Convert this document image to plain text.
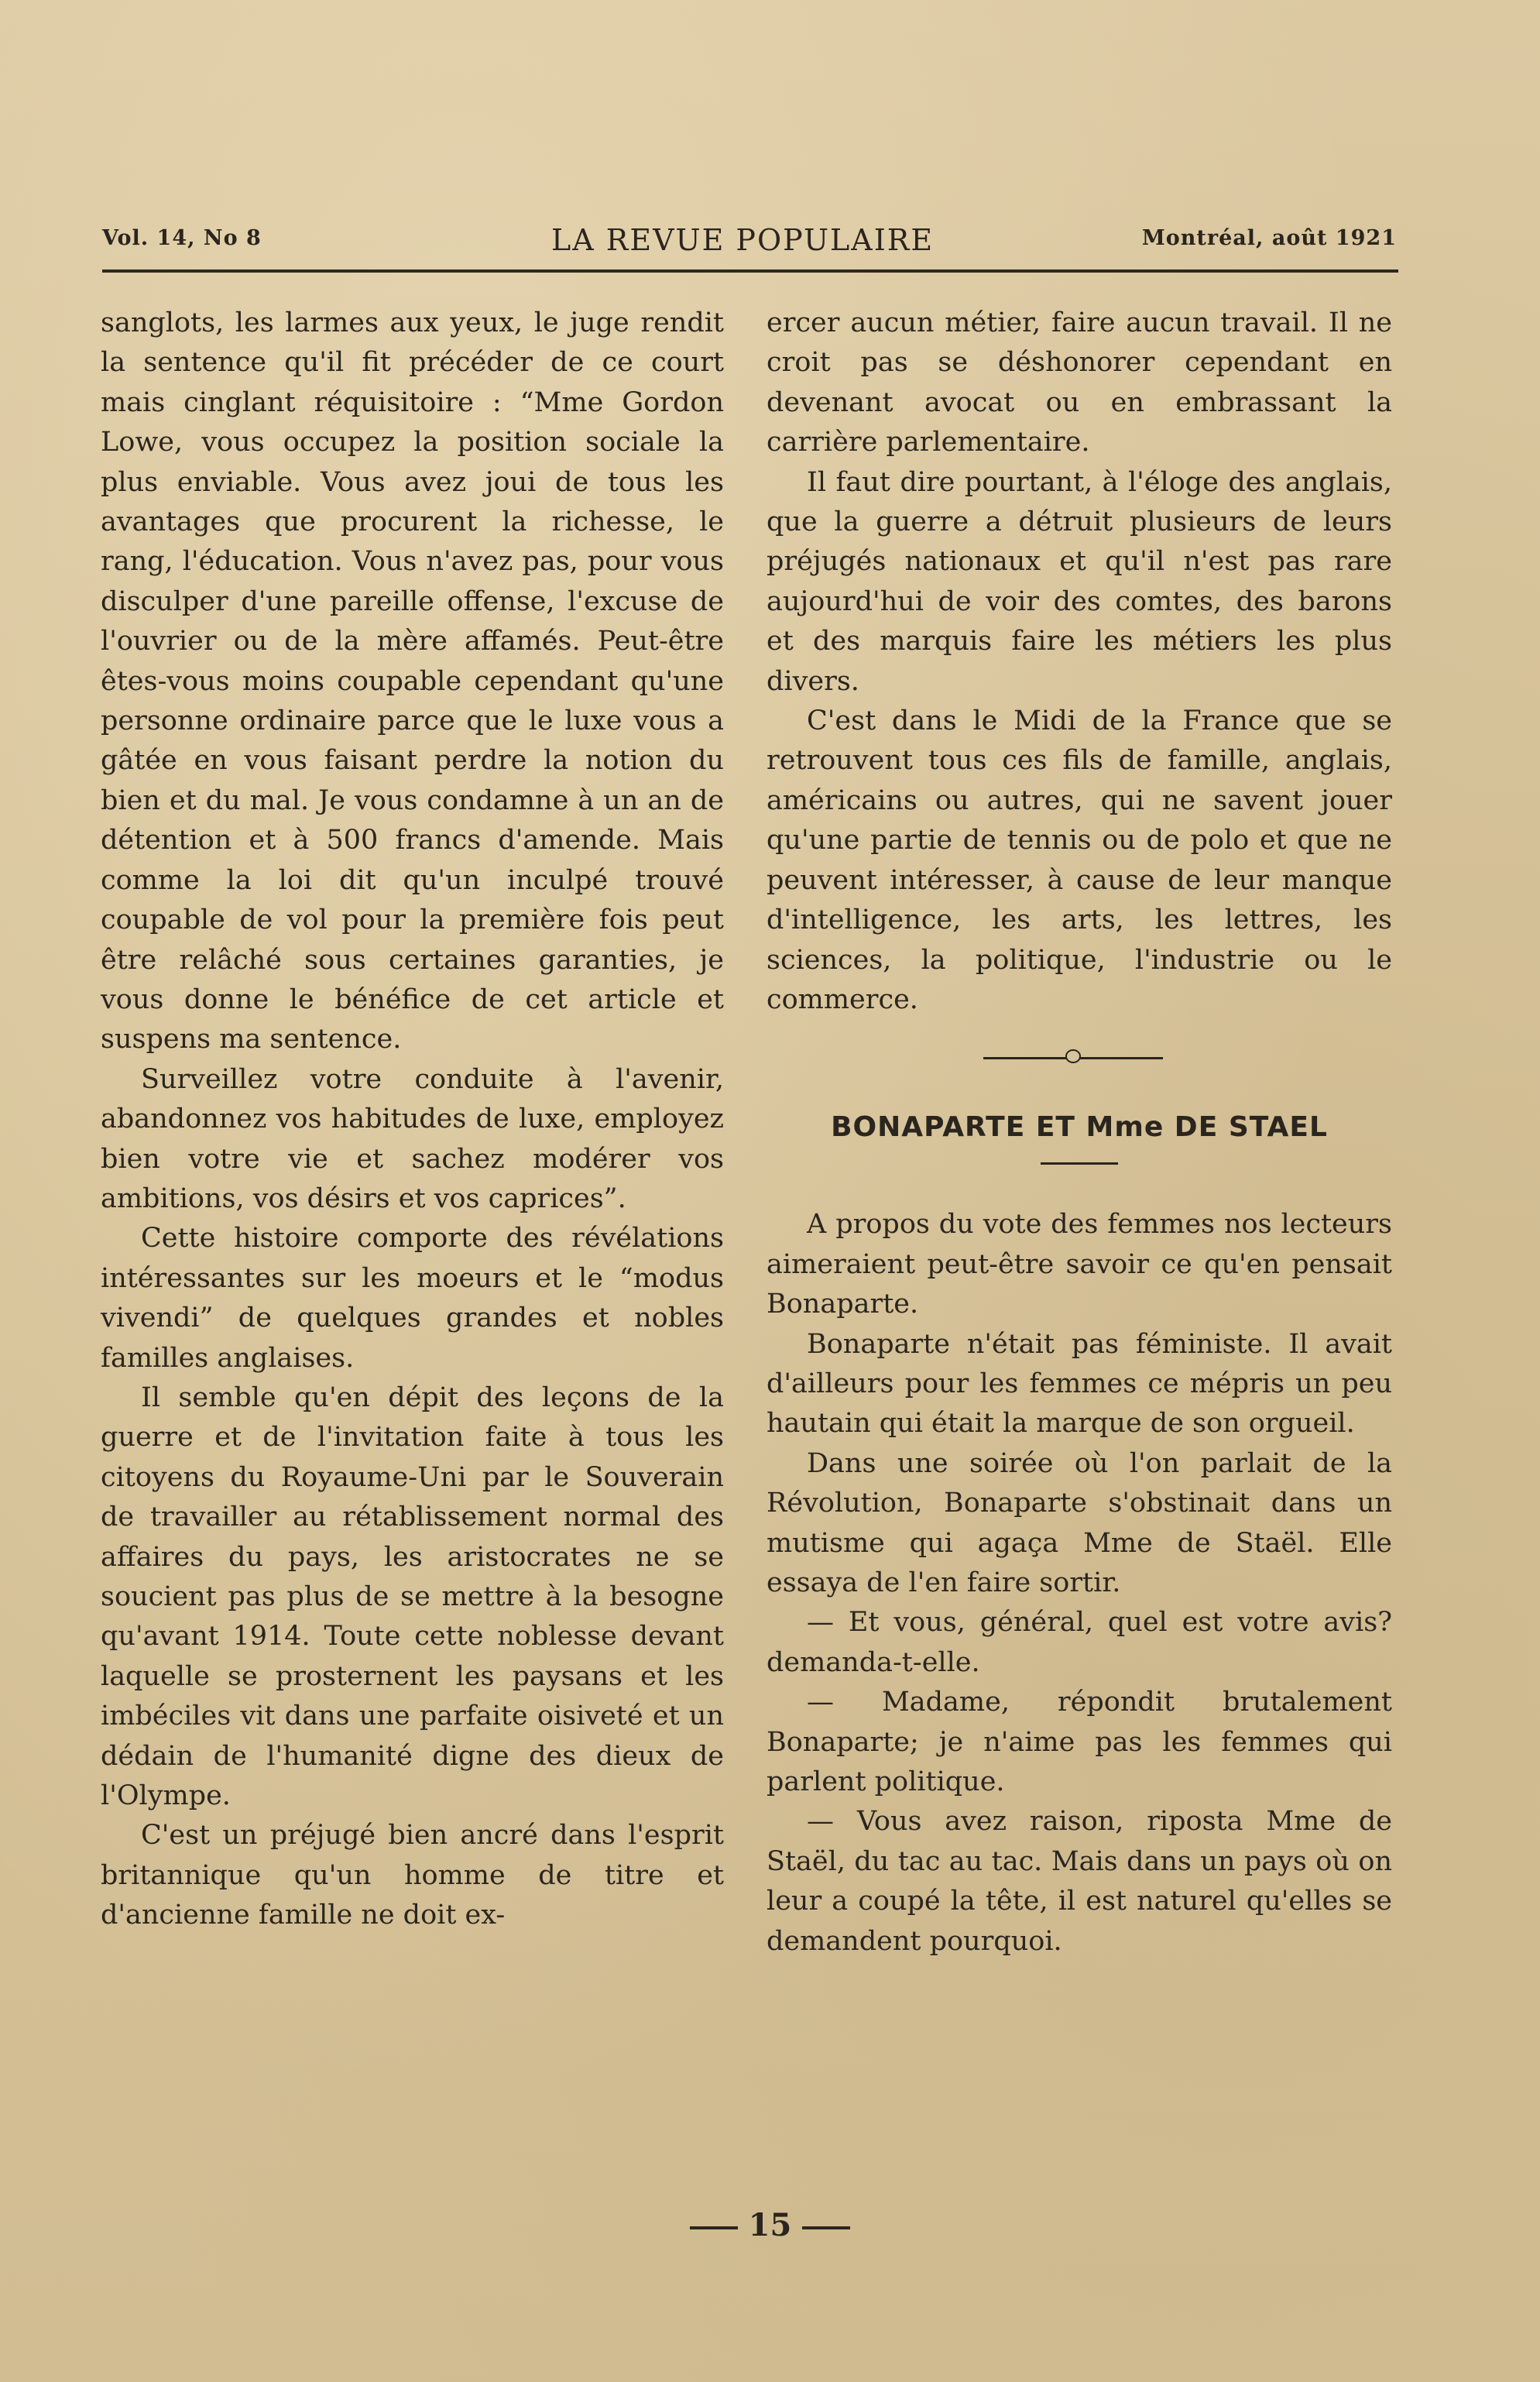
Vol. 14, No 8	LA REVUE POPULAIRE	Montréal, août 1921

sanglots, les larmes aux yeux, le juge rendit la sentence qu'il fit précéder de ce court mais cinglant réquisitoire : “Mme Gordon Lowe, vous occupez la position sociale la plus enviable. Vous avez joui de tous les avantages que procurent la richesse, le rang, l'éducation. Vous n'avez pas, pour vous disculper d'une pareille offense, l'excuse de l'ouvrier ou de la mère affamés. Peut-être êtes-vous moins coupable cependant qu'une personne ordinaire parce que le luxe vous a gâtée en vous faisant perdre la notion du bien et du mal. Je vous condamne à un an de détention et à 500 francs d'amende. Mais comme la loi dit qu'un inculpé trouvé coupable de vol pour la première fois peut être relâché sous certaines garanties, je vous donne le bénéfice de cet article et suspens ma sentence.

Surveillez votre conduite à l'avenir, abandonnez vos habitudes de luxe, employez bien votre vie et sachez modérer vos ambitions, vos désirs et vos caprices”.

Cette histoire comporte des révélations intéressantes sur les moeurs et le “modus vivendi” de quelques grandes et nobles familles anglaises.

Il semble qu'en dépit des leçons de la guerre et de l'invitation faite à tous les citoyens du Royaume-Uni par le Souverain de travailler au rétablissement normal des affaires du pays, les aristocrates ne se soucient pas plus de se mettre à la besogne qu'avant 1914. Toute cette noblesse devant laquelle se prosternent les paysans et les imbéciles vit dans une parfaite oisiveté et un dédain de l'humanité digne des dieux de l'Olympe.

C'est un préjugé bien ancré dans l'esprit britannique qu'un homme de titre et d'ancienne famille ne doit ex-

ercer aucun métier, faire aucun travail. Il ne croit pas se déshonorer cependant en devenant avocat ou en embrassant la carrière parlementaire.

Il faut dire pourtant, à l'éloge des anglais, que la guerre a détruit plusieurs de leurs préjugés nationaux et qu'il n'est pas rare aujourd'hui de voir des comtes, des barons et des marquis faire les métiers les plus divers.

C'est dans le Midi de la France que se retrouvent tous ces fils de famille, anglais, américains ou autres, qui ne savent jouer qu'une partie de tennis ou de polo et que ne peuvent intéresser, à cause de leur manque d'intelligence, les arts, les lettres, les sciences, la politique, l'industrie ou le commerce.

BONAPARTE ET Mme DE STAEL

A propos du vote des femmes nos lecteurs aimeraient peut-être savoir ce qu'en pensait Bonaparte.

Bonaparte n'était pas féministe. Il avait d'ailleurs pour les femmes ce mépris un peu hautain qui était la marque de son orgueil.

Dans une soirée où l'on parlait de la Révolution, Bonaparte s'obstinait dans un mutisme qui agaça Mme de Staël. Elle essaya de l'en faire sortir.

— Et vous, général, quel est votre avis? demanda-t-elle.

— Madame, répondit brutalement Bonaparte; je n'aime pas les femmes qui parlent politique.

— Vous avez raison, riposta Mme de Staël, du tac au tac. Mais dans un pays où on leur a coupé la tête, il est naturel qu'elles se demandent pourquoi.

15
